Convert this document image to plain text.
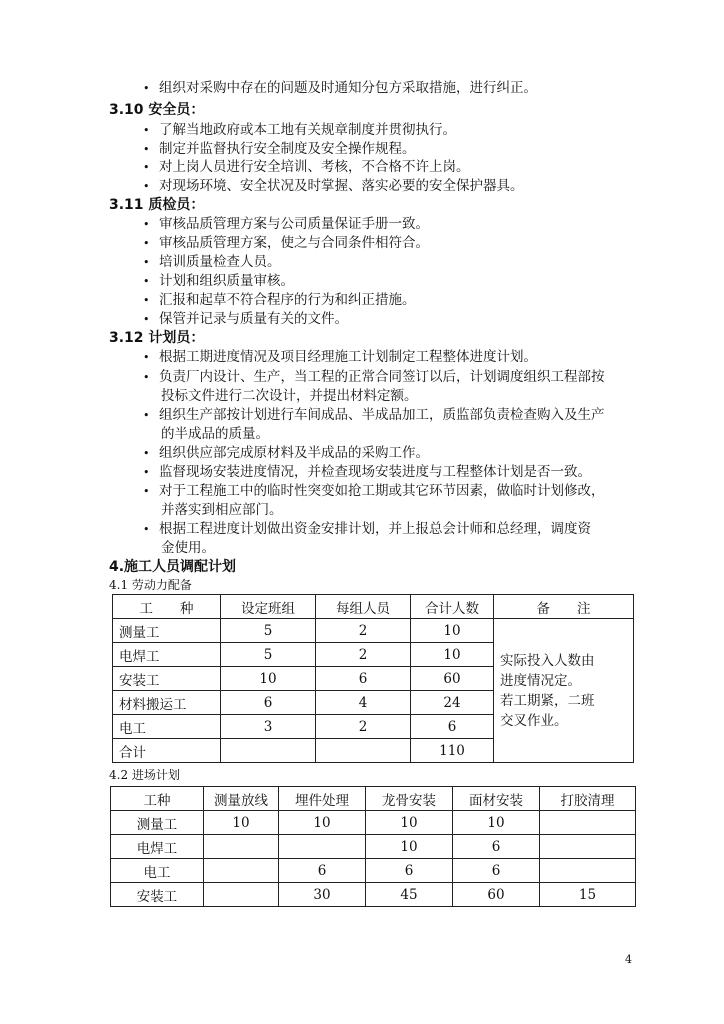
• 组织对采购中存在的问题及时通知分包方采取措施，进行纠正。
3.10 安全员：
• 了解当地政府或本工地有关规章制度并贯彻执行。
• 制定并监督执行安全制度及安全操作规程。
• 对上岗人员进行安全培训、考核，不合格不许上岗。
• 对现场环境、安全状况及时掌握、落实必要的安全保护器具。
3.11 质检员：
• 审核品质管理方案与公司质量保证手册一致。
• 审核品质管理方案，使之与合同条件相符合。
• 培训质量检查人员。
• 计划和组织质量审核。
• 汇报和起草不符合程序的行为和纠正措施。
• 保管并记录与质量有关的文件。
3.12 计划员：
• 根据工期进度情况及项目经理施工计划制定工程整体进度计划。
• 负责厂内设计、生产，当工程的正常合同签订以后，计划调度组织工程部按
投标文件进行二次设计，并提出材料定额。
• 组织生产部按计划进行车间成品、半成品加工，质监部负责检查购入及生产
的半成品的质量。
• 组织供应部完成原材料及半成品的采购工作。
• 监督现场安装进度情况，并检查现场安装进度与工程整体计划是否一致。
• 对于工程施工中的临时性突变如抢工期或其它环节因素，做临时计划修改，
并落实到相应部门。
• 根据工程进度计划做出资金安排计划，并上报总会计师和总经理，调度资
金使用。
4.施工人员调配计划
4.1 劳动力配备
工　　种	设定班组	每组人员	合计人数	备　　注
测量工	5	2	10	实际投入人数由
进度情况定。
若工期紧，二班
交叉作业。

电焊工	5	2	10	
安装工	10	6	60	
材料搬运工	6	4	24	
电工	3	2	6	
合计			110	
4.2 进场计划
工种	测量放线	埋件处理	龙骨安装	面材安装	打胶清理
测量工	10	10	10	10	
电焊工			10	6	
电工		6	6	6	
安装工		30	45	60	15
4
